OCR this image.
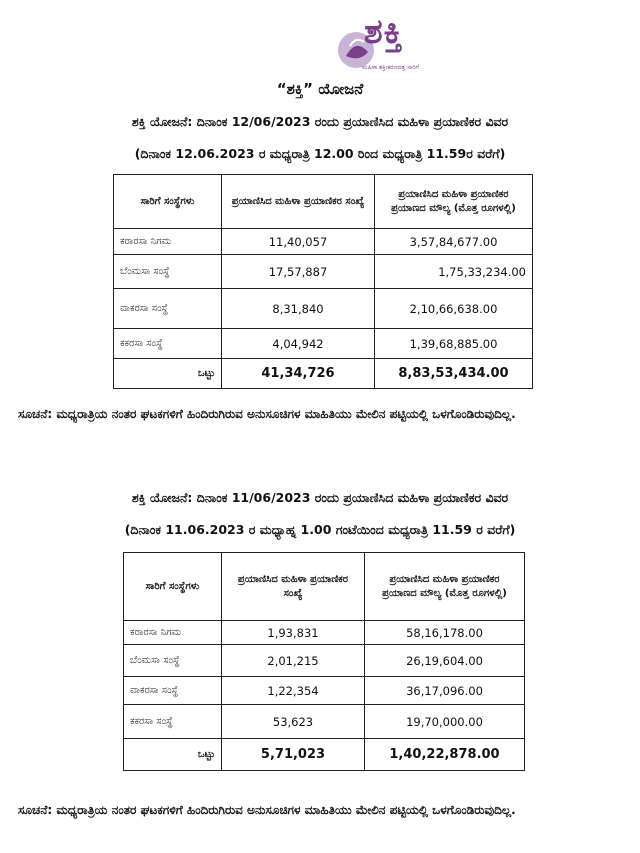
ಶಕ್ತಿ
ಮಹಿಳಾ ಶಕ್ತೀಕರಣದತ್ತ ಸಾರಿಗೆ
“ಶಕ್ತಿ” ಯೋಜನೆ
ಶಕ್ತಿ ಯೋಜನೆ: ದಿನಾಂಕ 12/06/2023 ರಂದು ಪ್ರಯಾಣಿಸಿದ ಮಹಿಳಾ ಪ್ರಯಾಣಿಕರ ವಿವರ
(ದಿನಾಂಕ 12.06.2023 ರ ಮಧ್ಯರಾತ್ರಿ 12.00 ರಿಂದ ಮಧ್ಯರಾತ್ರಿ 11.59ರ ವರೆಗೆ)
ಸಾರಿಗೆ ಸಂಸ್ಥೆಗಳು	ಪ್ರಯಾಣಿಸಿದ ಮಹಿಳಾ ಪ್ರಯಾಣಿಕರ ಸಂಖ್ಯೆ	ಪ್ರಯಾಣಿಸಿದ ಮಹಿಳಾ ಪ್ರಯಾಣಿಕರ ಪ್ರಯಾಣದ ಮೌಲ್ಯ (ಮೊತ್ತ ರೂಗಳಲ್ಲಿ)
ಕರಾರಸಾ ನಿಗಮ	11,40,057	3,57,84,677.00
ಬೆಂಮಸಾ ಸಂಸ್ಥೆ	17,57,887	1,75,33,234.00
ವಾಕರಸಾ ಸಂಸ್ಥೆ	8,31,840	2,10,66,638.00
ಕಕರಸಾ ಸಂಸ್ಥೆ	4,04,942	1,39,68,885.00
ಒಟ್ಟು	41,34,726	8,83,53,434.00
ಸೂಚನೆ: ಮಧ್ಯರಾತ್ರಿಯ ನಂತರ ಘಟಕಗಳಿಗೆ ಹಿಂದಿರುಗಿರುವ ಅನುಸೂಚಿಗಳ ಮಾಹಿತಿಯು ಮೇಲಿನ ಪಟ್ಟಿಯಲ್ಲಿ ಒಳಗೊಂಡಿರುವುದಿಲ್ಲ.
ಶಕ್ತಿ ಯೋಜನೆ: ದಿನಾಂಕ 11/06/2023 ರಂದು ಪ್ರಯಾಣಿಸಿದ ಮಹಿಳಾ ಪ್ರಯಾಣಿಕರ ವಿವರ
(ದಿನಾಂಕ 11.06.2023 ರ ಮಧ್ಯಾಹ್ನ 1.00 ಗಂಟೆಯಿಂದ ಮಧ್ಯರಾತ್ರಿ 11.59 ರ ವರೆಗೆ)
ಸಾರಿಗೆ ಸಂಸ್ಥೆಗಳು	ಪ್ರಯಾಣಿಸಿದ ಮಹಿಳಾ ಪ್ರಯಾಣಿಕರ ಸಂಖ್ಯೆ	ಪ್ರಯಾಣಿಸಿದ ಮಹಿಳಾ ಪ್ರಯಾಣಿಕರ ಪ್ರಯಾಣದ ಮೌಲ್ಯ (ಮೊತ್ತ ರೂಗಳಲ್ಲಿ)
ಕರಾರಸಾ ನಿಗಮ	1,93,831	58,16,178.00
ಬೆಂಮಸಾ ಸಂಸ್ಥೆ	2,01,215	26,19,604.00
ವಾಕರಸಾ ಸಂಸ್ಥೆ	1,22,354	36,17,096.00
ಕಕರಸಾ ಸಂಸ್ಥೆ	53,623	19,70,000.00
ಒಟ್ಟು	5,71,023	1,40,22,878.00
ಸೂಚನೆ: ಮಧ್ಯರಾತ್ರಿಯ ನಂತರ ಘಟಕಗಳಿಗೆ ಹಿಂದಿರುಗಿರುವ ಅನುಸೂಚಿಗಳ ಮಾಹಿತಿಯು ಮೇಲಿನ ಪಟ್ಟಿಯಲ್ಲಿ ಒಳಗೊಂಡಿರುವುದಿಲ್ಲ.
